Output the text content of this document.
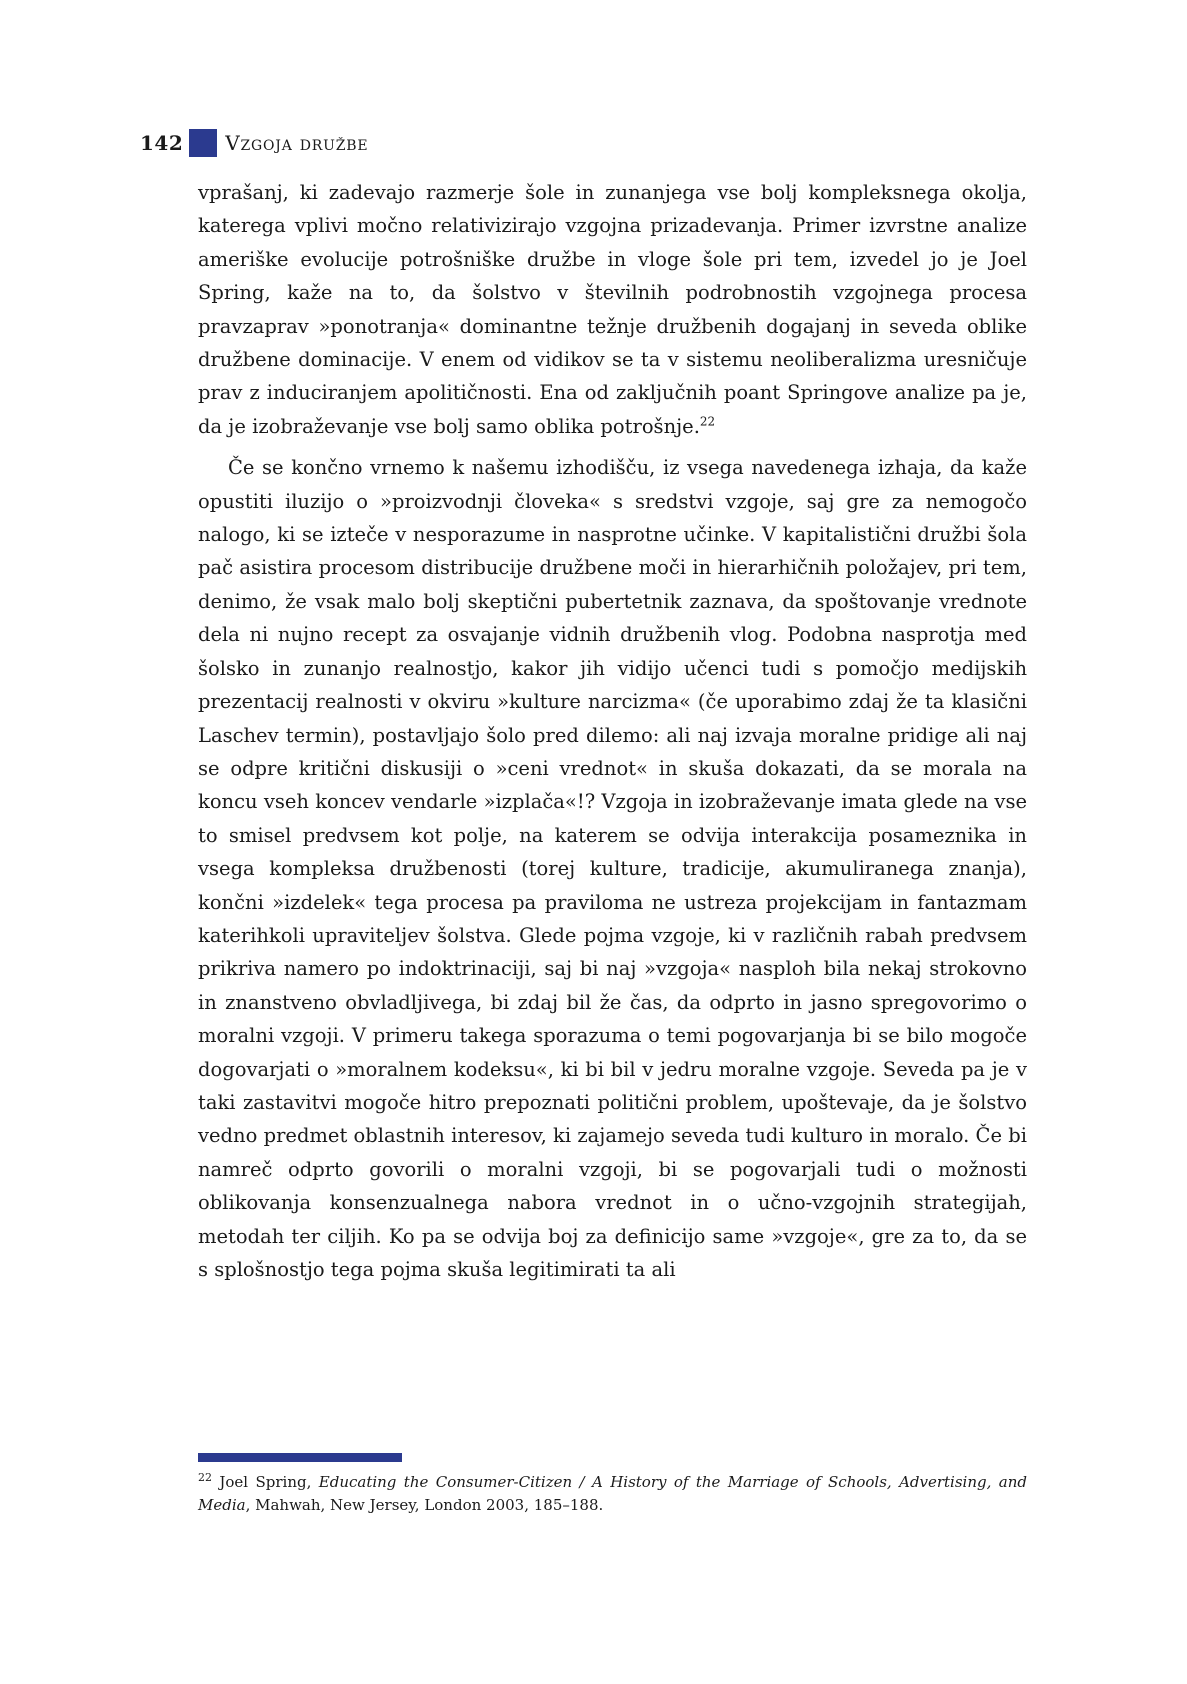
142 Vzgoja družbe

vprašanj, ki zadevajo razmerje šole in zunanjega vse bolj kompleksnega okolja, katerega vplivi močno relativizirajo vzgojna prizadevanja. Primer izvrstne analize ameriške evolucije potrošniške družbe in vloge šole pri tem, izvedel jo je Joel Spring, kaže na to, da šolstvo v številnih podrobnostih vzgojnega procesa pravzaprav »ponotranja« dominantne težnje družbenih dogajanj in seveda oblike družbene dominacije. V enem od vidikov se ta v sistemu neoliberalizma uresničuje prav z induciranjem apolitičnosti. Ena od zaključnih poant Springove analize pa je, da je izobraževanje vse bolj samo oblika potrošnje.$^{22}$

Če se končno vrnemo k našemu izhodišču, iz vsega navedenega izhaja, da kaže opustiti iluzijo o »proizvodnji človeka« s sredstvi vzgoje, saj gre za nemogočo nalogo, ki se izteče v nesporazume in nasprotne učinke. V kapitalistični družbi šola pač asistira procesom distribucije družbene moči in hierarhičnih položajev, pri tem, denimo, že vsak malo bolj skeptični pubertetnik zaznava, da spoštovanje vrednote dela ni nujno recept za osvajanje vidnih družbenih vlog. Podobna nasprotja med šolsko in zunanjo realnostjo, kakor jih vidijo učenci tudi s pomočjo medijskih prezentacij realnosti v okviru »kulture narcizma« (če uporabimo zdaj že ta klasični Laschev termin), postavljajo šolo pred dilemo: ali naj izvaja moralne pridige ali naj se odpre kritični diskusiji o »ceni vrednot« in skuša dokazati, da se morala na koncu vseh koncev vendarle »izplača«!? Vzgoja in izobraževanje imata glede na vse to smisel predvsem kot polje, na katerem se odvija interakcija posameznika in vsega kompleksa družbenosti (torej kulture, tradicije, akumuliranega znanja), končni »izdelek« tega procesa pa praviloma ne ustreza projekcijam in fantazmam katerihkoli upraviteljev šolstva. Glede pojma vzgoje, ki v različnih rabah predvsem prikriva namero po indoktrinaciji, saj bi naj »vzgoja« nasploh bila nekaj strokovno in znanstveno obvladljivega, bi zdaj bil že čas, da odprto in jasno spregovorimo o moralni vzgoji. V primeru takega sporazuma o temi pogovarjanja bi se bilo mogoče dogovarjati o »moralnem kodeksu«, ki bi bil v jedru moralne vzgoje. Seveda pa je v taki zastavitvi mogoče hitro prepoznati politični problem, upoštevaje, da je šolstvo vedno predmet oblastnih interesov, ki zajamejo seveda tudi kulturo in moralo. Če bi namreč odprto govorili o moralni vzgoji, bi se pogovarjali tudi o možnosti oblikovanja konsenzualnega nabora vrednot in o učno-vzgojnih strategijah, metodah ter ciljih. Ko pa se odvija boj za definicijo same »vzgoje«, gre za to, da se s splošnostjo tega pojma skuša legitimirati ta ali

$^{22}$ Joel Spring, Educating the Consumer-Citizen / A History of the Marriage of Schools, Advertising, and Media, Mahwah, New Jersey, London 2003, 185–188.
